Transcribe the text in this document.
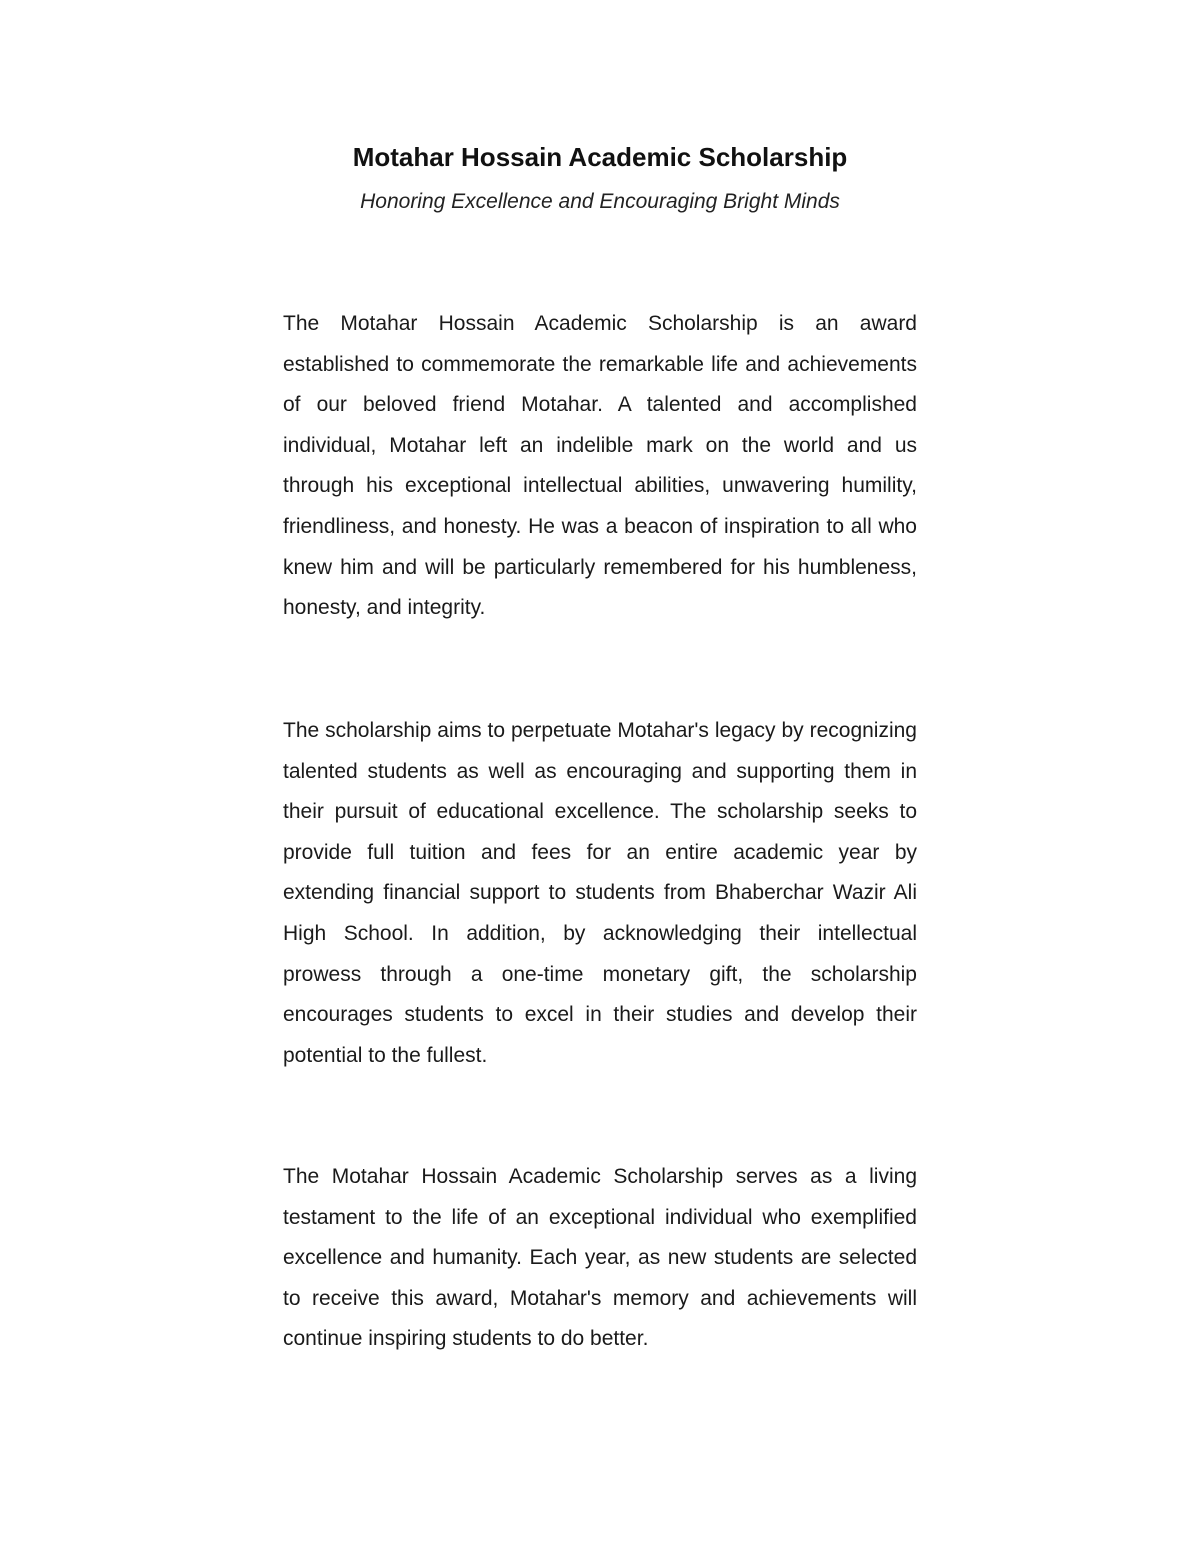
Motahar Hossain Academic Scholarship

Honoring Excellence and Encouraging Bright Minds

The Motahar Hossain Academic Scholarship is an award established to commemorate the remarkable life and achievements of our beloved friend Motahar. A talented and accomplished individual, Motahar left an indelible mark on the world and us through his exceptional intellectual abilities, unwavering humility, friendliness, and honesty. He was a beacon of inspiration to all who knew him and will be particularly remembered for his humbleness, honesty, and integrity.

The scholarship aims to perpetuate Motahar's legacy by recognizing talented students as well as encouraging and supporting them in their pursuit of educational excellence. The scholarship seeks to provide full tuition and fees for an entire academic year by extending financial support to students from Bhaberchar Wazir Ali High School. In addition, by acknowledging their intellectual prowess through a one-time monetary gift, the scholarship encourages students to excel in their studies and develop their potential to the fullest.

The Motahar Hossain Academic Scholarship serves as a living testament to the life of an exceptional individual who exemplified excellence and humanity. Each year, as new students are selected to receive this award, Motahar's memory and achievements will continue inspiring students to do better.
